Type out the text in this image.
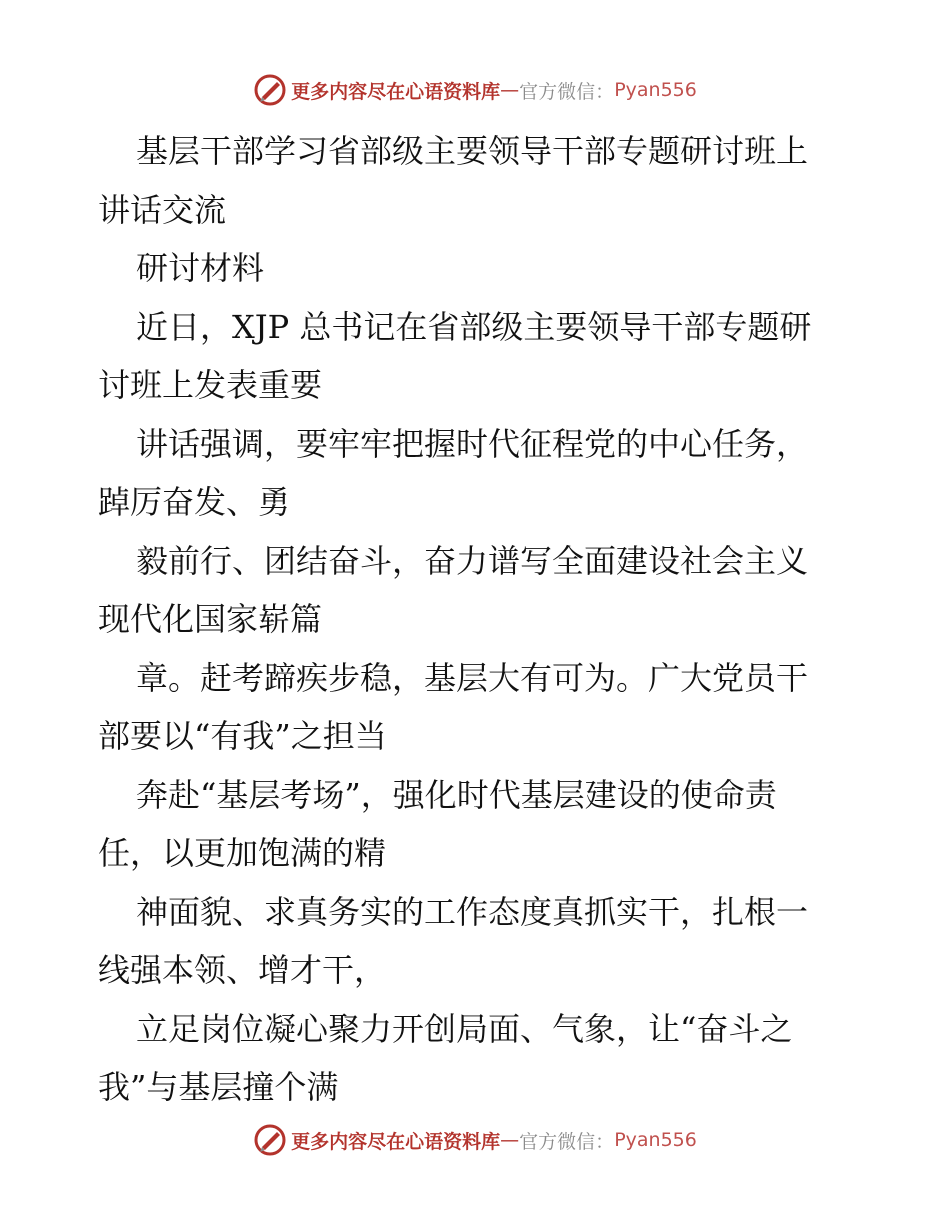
更多内容尽在心语资料库 — 官方微信： Pyan556

基层干部学习省部级主要领导干部专题研讨班上

讲话交流

研讨材料

近日，XJP 总书记在省部级主要领导干部专题研

讨班上发表重要

讲话强调，要牢牢把握时代征程党的中心任务，

踔厉奋发、勇

毅前行、团结奋斗，奋力谱写全面建设社会主义

现代化国家崭篇

章。赶考蹄疾步稳，基层大有可为。广大党员干

部要以“有我”之担当

奔赴“基层考场”，强化时代基层建设的使命责

任，以更加饱满的精

神面貌、求真务实的工作态度真抓实干，扎根一

线强本领、增才干，

立足岗位凝心聚力开创局面、气象，让“奋斗之

我”与基层撞个满

更多内容尽在心语资料库 — 官方微信： Pyan556
